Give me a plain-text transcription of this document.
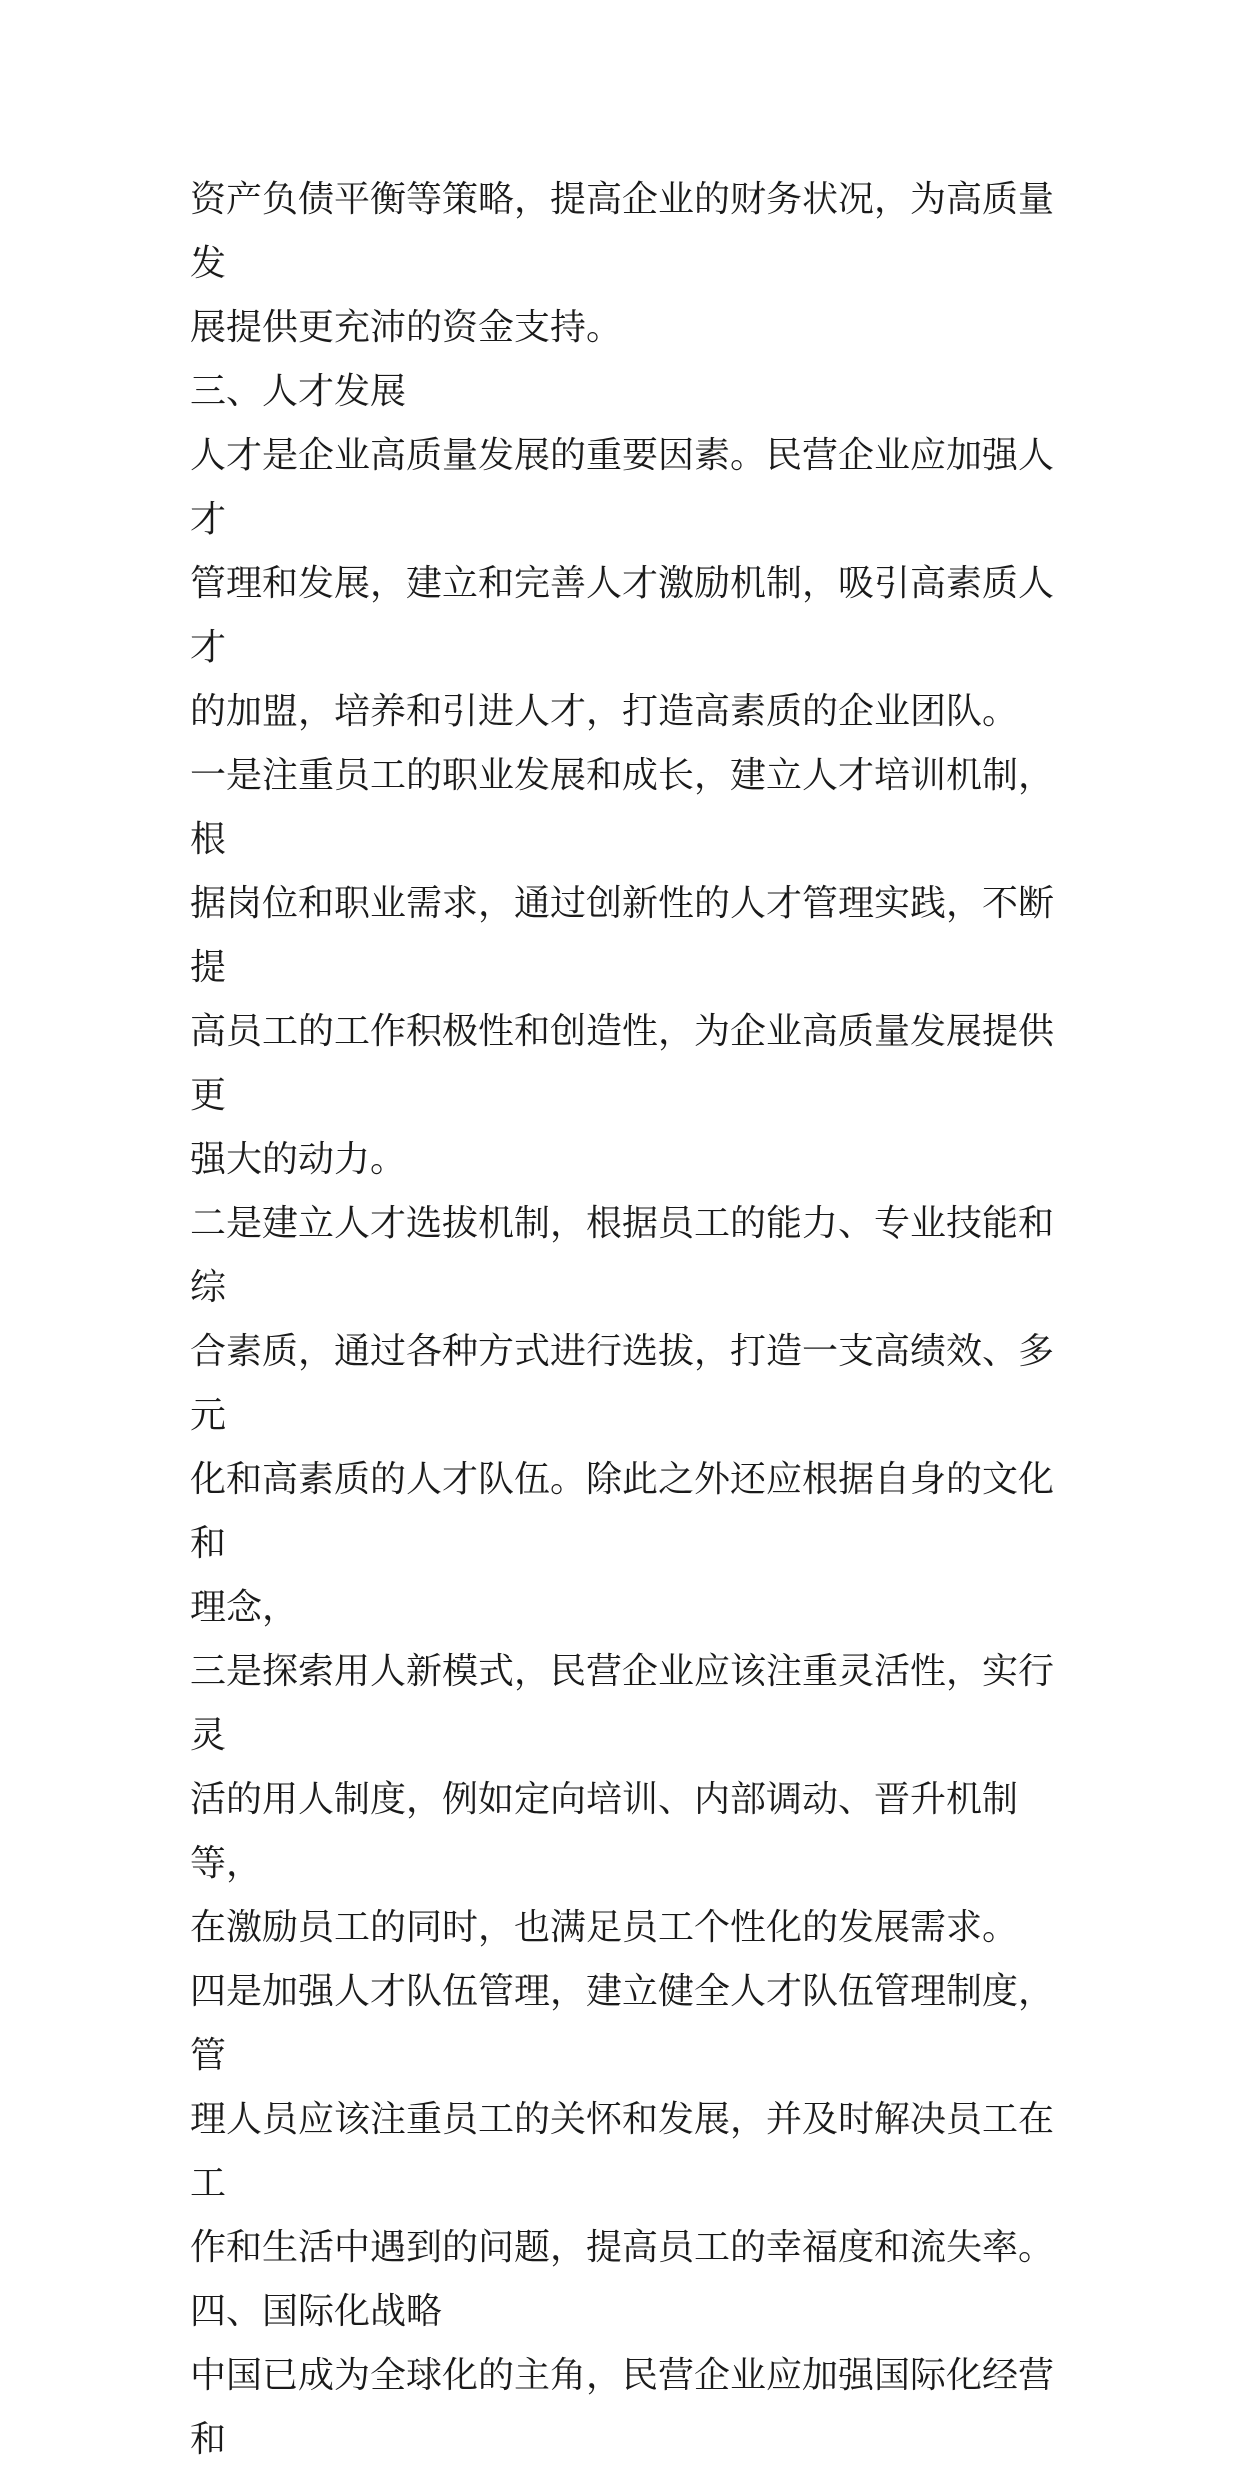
资产负债平衡等策略，提高企业的财务状况，为高质量发
展提供更充沛的资金支持。

三、人才发展

人才是企业高质量发展的重要因素。民营企业应加强人才
管理和发展，建立和完善人才激励机制，吸引高素质人才
的加盟，培养和引进人才，打造高素质的企业团队。

一是注重员工的职业发展和成长，建立人才培训机制，根
据岗位和职业需求，通过创新性的人才管理实践，不断提
高员工的工作积极性和创造性，为企业高质量发展提供更
强大的动力。

二是建立人才选拔机制，根据员工的能力、专业技能和综
合素质，通过各种方式进行选拔，打造一支高绩效、多元
化和高素质的人才队伍。除此之外还应根据自身的文化和
理念，

三是探索用人新模式，民营企业应该注重灵活性，实行灵
活的用人制度，例如定向培训、内部调动、晋升机制等，
在激励员工的同时，也满足员工个性化的发展需求。

四是加强人才队伍管理，建立健全人才队伍管理制度，管
理人员应该注重员工的关怀和发展，并及时解决员工在工
作和生活中遇到的问题，提高员工的幸福度和流失率。

四、国际化战略

中国已成为全球化的主角，民营企业应加强国际化经营和
